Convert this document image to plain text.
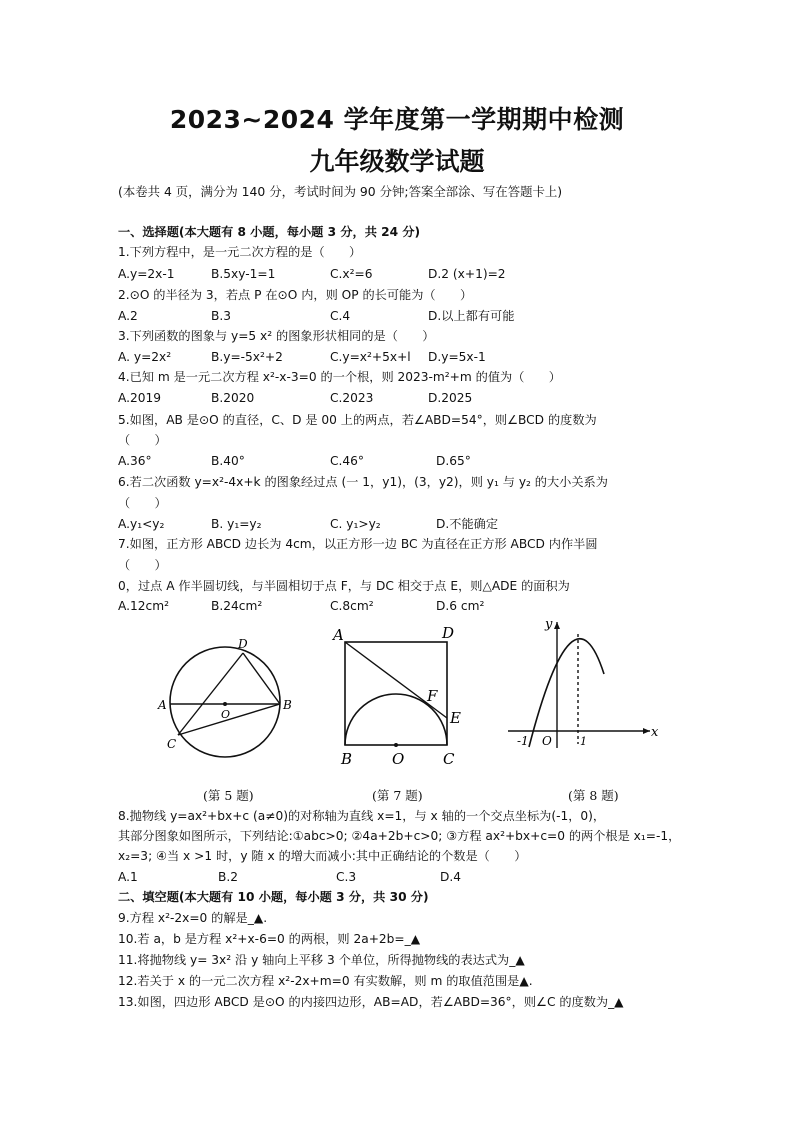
2023~2024 学年度第一学期期中检测
九年级数学试题
(本卷共 4 页，满分为 140 分，考试时间为 90 分钟;答案全部涂、写在答题卡上)
一、选择题(本大题有 8 小题，每小题 3 分，共 24 分)
1.下列方程中，是一元二次方程的是（　　）
A.y=2x-1	B.5xy-1=1	C.x²=6	D.2 (x+1)=2
2.⊙O 的半径为 3，若点 P 在⊙O 内，则 OP 的长可能为（　　）
A.2	B.3	C.4	D.以上都有可能
3.下列函数的图象与 y=5 x² 的图象形状相同的是（　　）
A. y=2x²	B.y=-5x²+2	C.y=x²+5x+l D.y=5x-1
4.已知 m 是一元二次方程 x²-x-3=0 的一个根，则 2023-m²+m 的值为（　　）
A.2019	B.2020	C.2023	D.2025
5.如图，AB 是⊙O 的直径，C、D 是 00 上的两点，若∠ABD=54°，则∠BCD 的度数为
（　　）
A.36°	B.40°	C.46°	D.65°
6.若二次函数 y=x²-4x+k 的图象经过点 (一 1，y1)，(3，y2)，则 y₁ 与 y₂ 的大小关系为
（　　）
A.y₁<y₂	B. y₁=y₂	C. y₁>y₂	D.不能确定
7.如图，正方形 ABCD 边长为 4cm，以正方形一边 BC 为直径在正方形 ABCD 内作半圆
（　　）
0，过点 A 作半圆切线，与半圆相切于点 F，与 DC 相交于点 E，则△ADE 的面积为
A.12cm²	B.24cm²	C.8cm²	D.6 cm²
A	B
C
D
O
(第 5 题)
A	D
B	C
O
F
E
(第 7 题)
x
y
O
-1	1
(第 8 题)
8.抛物线 y=ax²+bx+c (a≠0)的对称轴为直线 x=1，与 x 轴的一个交点坐标为(-1，0)，
其部分图象如图所示，下列结论:①abc>0; ②4a+2b+c>0; ③方程 ax²+bx+c=0 的两个根是 x₁=-1，
x₂=3; ④当 x >1 时，y 随 x 的增大而减小:其中正确结论的个数是（　　）
A.1	B.2	C.3	D.4
二、填空题(本大题有 10 小题，每小题 3 分，共 30 分)
9.方程 x²-2x=0 的解是_▲.
10.若 a，b 是方程 x²+x-6=0 的两根，则 2a+2b=_▲
11.将抛物线 y= 3x² 沿 y 轴向上平移 3 个单位，所得抛物线的表达式为_▲
12.若关于 x 的一元二次方程 x²-2x+m=0 有实数解，则 m 的取值范围是▲.
13.如图，四边形 ABCD 是⊙O 的内接四边形，AB=AD，若∠ABD=36°，则∠C 的度数为_▲
